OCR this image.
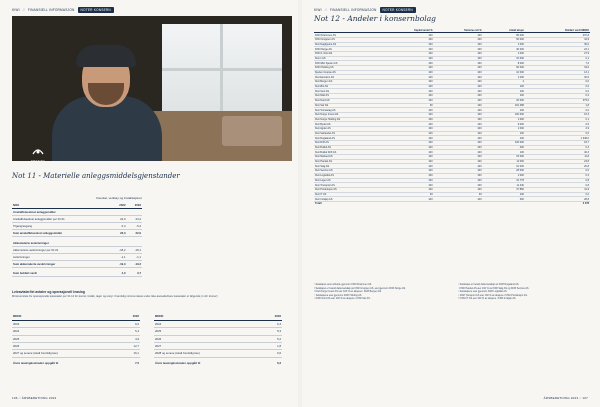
KIWI // FINANSIELL INFORMASJON	NOTER KONSERN
TREKTO
Not 11 - Materielle anleggsmiddelsgjenstander
Inventar, verktøy og installasjoner
NOK	2022	2023
Anskaffelseskost anleggsmidler		
Anskaffelseskost anleggsmidler per 01.01	22,9	23,4
Tilgang/avgang	0,4	-5,4
Sum anskaffelseskost anleggsmidler	23,3	22,9

Akkumulerte avskrivninger		
Akkumulerte avskrivninger per 01.01	-18,2	-18,1
Avskrivninger	-1,1	-1,1
Sum akkumulerte avskrivninger	-19,3	-19,2

Sum bokført verdi	4,0	3,7
Leieavtaler/lei avtaler og operasjonell leasing
Minimumsleie for operasjonelle leieavtaler per 31.12 for kontor, butikk, lager og utstyr. Framtidig minimumsleie under ikke-kansellerbare leieavtaler er følgende (i mill. kroner):
MNOK	2022
2023	6,0
2024	5,4
2025	4,9
2026	12,7
2027 og senere (totalt fremtidig leie)	16,1

Årets leasingkostnader oppgått til	7,5
MNOK	2023
2024	6,4
2025	5,3
2026	5,2
2027	1,8
2028 og senere (totalt fremtidig leie)	0,6

Årets leasingkostnader oppgått til	6,2
106 // ÅRSBERETNING 2023
KIWI // FINANSIELL INFORMASJON	NOTER KONSERN
Not 12 - Andeler i konsernbolag
	Kapital andel %	Stemme-rett %	Antall aksjer	Bokført verdi MNOK
KIWI Drammen AS	100	100	85 000	407,8
KIWI Gruppen AS	100	100	50 000	44,9
Kiwi Dagligvare AS	100	100	1 000	36,0
KIWI Norge AS	100	100	30 000	23,1
KIWI 1 Oslo AS	100	100	1 000	27,9
Kiwi 1 AS	100	100	10 000	0,1
KIWI Øst Kjeden AS	100	100	8 000	7,6
KIWI Holding AS	100	100	60 000	34,0
Kjeden Gruppe AS	100	100	10 000	13,1
Kiwi Eiendom AS	100	100	1 000	30,6
Kiwi Bergen AS	100	100	2	0,0
Kiwi Øst AS	100	100	100	0,0
Kiwi Vest AS	100	100	100	0,0
Kiwi Midt AS	100	100	100	0,2
Kiwi Nord AS	100	100	20 000	375,0
Kiwi Sør AS	90	100	181 488	1,8
Kiwi Trøndelag AS	100	100	100	0,0
Kiwi Norge Invest AS	100	100	100 000	15,3
Kiwi Norge Holding AS	100	100	1 000	0,1
Kiwi Bydel AS	100	100	9 000	0,5
Kiwi Agder AS	100	100	1 000	2,9
Kiwi Sørlandet AS	100	100	100	0,0
Kiwi Rogaland AS	100	100	100	1 348,0
Kiwi Drift AS	100	100	100 000	18,7
Kiwi Butikk AS	100	100	400	0,3
Kiwi Butikk Drift AS	100	100	100	40,3
Kiwi Marked AS	100	100	15 000	11,8
Kiwi Handel AS	100	100	11 000	23,8
Kiwi Salg AS	100	100	10 000	20,8
Kiwi Service AS	100	100	28 000	0,0
Kiwi Logistikk AS	100	100	1 000	0,2
Kiwi Lager AS	100	100	41 778	0,8
Kiwi Transport AS	100	100	11 440	0,8
Kiwi Produksjon AS	100	100	37 882	41,9
Kiwi IT AS	93	93	100	0,0
Kiwi Innkjøp AS	100	100	300	28,8
Totalt				2 478
¹ Selskapet eies indirekte gjennom KIWI Drammen AS.
² Selskapet er heleid datterselskap av KIWI Gruppen AS, eiet gjennom KIWI Norge AS.
³ Kiwi Norge Invest AS eier 100 % av aksjene i KIWI Bergen AS.
⁴ Selskapene eies gjennom KIWI Holding AS.
⁵ KIWI Nord AS eier 100 % av aksjene i KIWI Sør AS.
⁶ Selskapet er heleid datterselskap av KIWI Rogaland AS.
⁷ KIWI Handel AS eier 100 % av KIWI Salg AS og KIWI Service AS.
⁸ Selskapene eies gjennom KIWI Logistikk AS.
⁹ KIWI Transport AS eier 100 % av aksjene i KIWI Produksjon AS.
¹⁰ KIWI IT AS eier 100 % av aksjene i KIWI Innkjøp AS.
ÅRSBERETNING 2023 // 107
